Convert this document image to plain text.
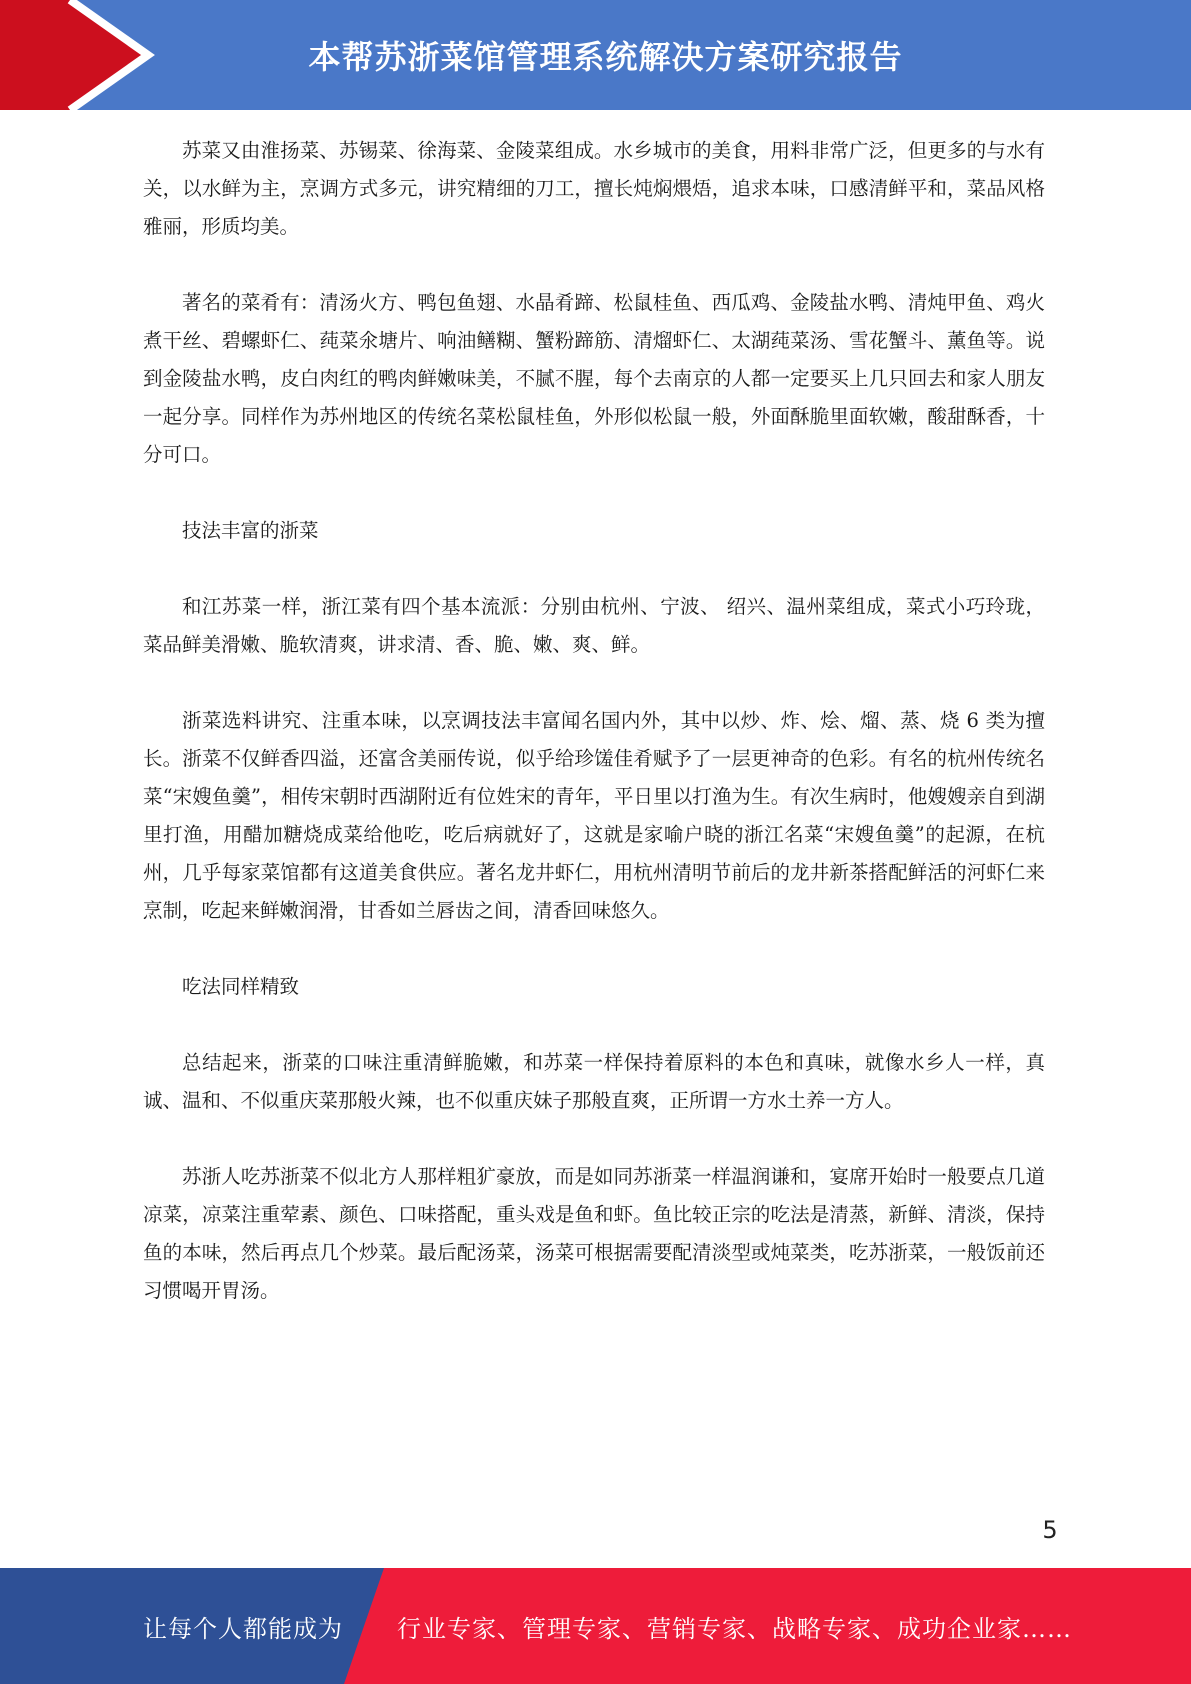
本帮苏浙菜馆管理系统解决方案研究报告

苏菜又由淮扬菜、苏锡菜、徐海菜、金陵菜组成。水乡城市的美食，用料非常广泛，但更多的与水有关，以水鲜为主，烹调方式多元，讲究精细的刀工，擅长炖焖煨焐，追求本味，口感清鲜平和，菜品风格雅丽，形质均美。

著名的菜肴有：清汤火方、鸭包鱼翅、水晶肴蹄、松鼠桂鱼、西瓜鸡、金陵盐水鸭、清炖甲鱼、鸡火煮干丝、碧螺虾仁、莼菜氽塘片、响油鳝糊、蟹粉蹄筋、清熘虾仁、太湖莼菜汤、雪花蟹斗、薰鱼等。说到金陵盐水鸭，皮白肉红的鸭肉鲜嫩味美，不腻不腥，每个去南京的人都一定要买上几只回去和家人朋友一起分享。同样作为苏州地区的传统名菜松鼠桂鱼，外形似松鼠一般，外面酥脆里面软嫩，酸甜酥香，十分可口。

技法丰富的浙菜

和江苏菜一样，浙江菜有四个基本流派：分别由杭州、宁波、 绍兴、温州菜组成，菜式小巧玲珑，菜品鲜美滑嫩、脆软清爽，讲求清、香、脆、嫩、爽、鲜。

浙菜选料讲究、注重本味，以烹调技法丰富闻名国内外，其中以炒、炸、烩、熘、蒸、烧 6 类为擅长。浙菜不仅鲜香四溢，还富含美丽传说，似乎给珍馐佳肴赋予了一层更神奇的色彩。有名的杭州传统名菜“宋嫂鱼羹”，相传宋朝时西湖附近有位姓宋的青年，平日里以打渔为生。有次生病时，他嫂嫂亲自到湖里打渔，用醋加糖烧成菜给他吃，吃后病就好了，这就是家喻户晓的浙江名菜“宋嫂鱼羹”的起源，在杭州，几乎每家菜馆都有这道美食供应。著名龙井虾仁，用杭州清明节前后的龙井新茶搭配鲜活的河虾仁来烹制，吃起来鲜嫩润滑，甘香如兰唇齿之间，清香回味悠久。

吃法同样精致

总结起来，浙菜的口味注重清鲜脆嫩，和苏菜一样保持着原料的本色和真味，就像水乡人一样，真诚、温和、不似重庆菜那般火辣，也不似重庆妹子那般直爽，正所谓一方水土养一方人。

苏浙人吃苏浙菜不似北方人那样粗犷豪放，而是如同苏浙菜一样温润谦和，宴席开始时一般要点几道凉菜，凉菜注重荤素、颜色、口味搭配，重头戏是鱼和虾。鱼比较正宗的吃法是清蒸，新鲜、清淡，保持鱼的本味，然后再点几个炒菜。最后配汤菜，汤菜可根据需要配清淡型或炖菜类，吃苏浙菜，一般饭前还习惯喝开胃汤。

5
让每个人都能成为 行业专家、管理专家、营销专家、战略专家、成功企业家……
